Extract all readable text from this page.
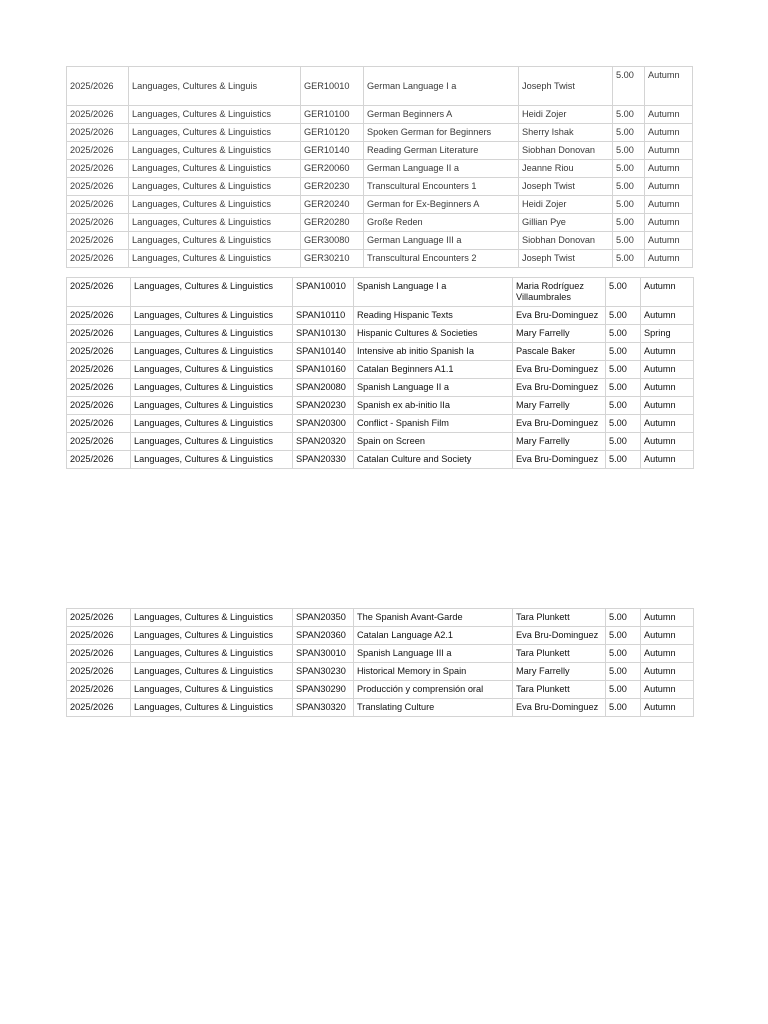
2025/2026	Languages, Cultures & Linguis	GER10010	German Language I a	Joseph Twist	5.00	Autumn
2025/2026	Languages, Cultures & Linguistics	GER10100	German Beginners A	Heidi Zojer	5.00	Autumn
2025/2026	Languages, Cultures & Linguistics	GER10120	Spoken German for Beginners	Sherry Ishak	5.00	Autumn
2025/2026	Languages, Cultures & Linguistics	GER10140	Reading German Literature	Siobhan Donovan	5.00	Autumn
2025/2026	Languages, Cultures & Linguistics	GER20060	German Language II a	Jeanne Riou	5.00	Autumn
2025/2026	Languages, Cultures & Linguistics	GER20230	Transcultural Encounters 1	Joseph Twist	5.00	Autumn
2025/2026	Languages, Cultures & Linguistics	GER20240	German for Ex-Beginners A	Heidi Zojer	5.00	Autumn
2025/2026	Languages, Cultures & Linguistics	GER20280	Große Reden	Gillian Pye	5.00	Autumn
2025/2026	Languages, Cultures & Linguistics	GER30080	German Language III a	Siobhan Donovan	5.00	Autumn
2025/2026	Languages, Cultures & Linguistics	GER30210	Transcultural Encounters 2	Joseph Twist	5.00	Autumn
2025/2026	Languages, Cultures & Linguistics	SPAN10010	Spanish Language I a	Maria Rodríguez Villaumbrales	5.00	Autumn
2025/2026	Languages, Cultures & Linguistics	SPAN10110	Reading Hispanic Texts	Eva Bru-Dominguez	5.00	Autumn
2025/2026	Languages, Cultures & Linguistics	SPAN10130	Hispanic Cultures & Societies	Mary Farrelly	5.00	Spring
2025/2026	Languages, Cultures & Linguistics	SPAN10140	Intensive ab initio Spanish Ia	Pascale Baker	5.00	Autumn
2025/2026	Languages, Cultures & Linguistics	SPAN10160	Catalan Beginners A1.1	Eva Bru-Dominguez	5.00	Autumn
2025/2026	Languages, Cultures & Linguistics	SPAN20080	Spanish Language II a	Eva Bru-Dominguez	5.00	Autumn
2025/2026	Languages, Cultures & Linguistics	SPAN20230	Spanish ex ab-initio IIa	Mary Farrelly	5.00	Autumn
2025/2026	Languages, Cultures & Linguistics	SPAN20300	Conflict - Spanish Film	Eva Bru-Dominguez	5.00	Autumn
2025/2026	Languages, Cultures & Linguistics	SPAN20320	Spain on Screen	Mary Farrelly	5.00	Autumn
2025/2026	Languages, Cultures & Linguistics	SPAN20330	Catalan Culture and Society	Eva Bru-Dominguez	5.00	Autumn
2025/2026	Languages, Cultures & Linguistics	SPAN20350	The Spanish Avant-Garde	Tara Plunkett	5.00	Autumn
2025/2026	Languages, Cultures & Linguistics	SPAN20360	Catalan Language A2.1	Eva Bru-Dominguez	5.00	Autumn
2025/2026	Languages, Cultures & Linguistics	SPAN30010	Spanish Language III a	Tara Plunkett	5.00	Autumn
2025/2026	Languages, Cultures & Linguistics	SPAN30230	Historical Memory in Spain	Mary Farrelly	5.00	Autumn
2025/2026	Languages, Cultures & Linguistics	SPAN30290	Producción y comprensión oral	Tara Plunkett	5.00	Autumn
2025/2026	Languages, Cultures & Linguistics	SPAN30320	Translating Culture	Eva Bru-Dominguez	5.00	Autumn
